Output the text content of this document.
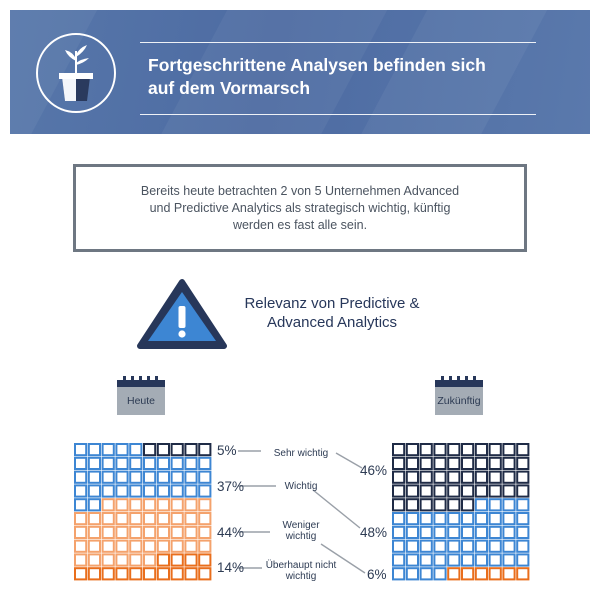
Fortgeschrittene Analysen befinden sich
auf dem Vormarsch
Bereits heute betrachten 2 von 5 Unternehmen Advanced
und Predictive Analytics als strategisch wichtig, künftig
werden es fast alle sein.
Relevanz von Predictive &
Advanced Analytics
Heute	Zukünftig
5%
37%
44%
14%
46%
48%
6%
Sehr wichtig
Wichtig
Weniger
wichtig
Überhaupt nicht
wichtig
